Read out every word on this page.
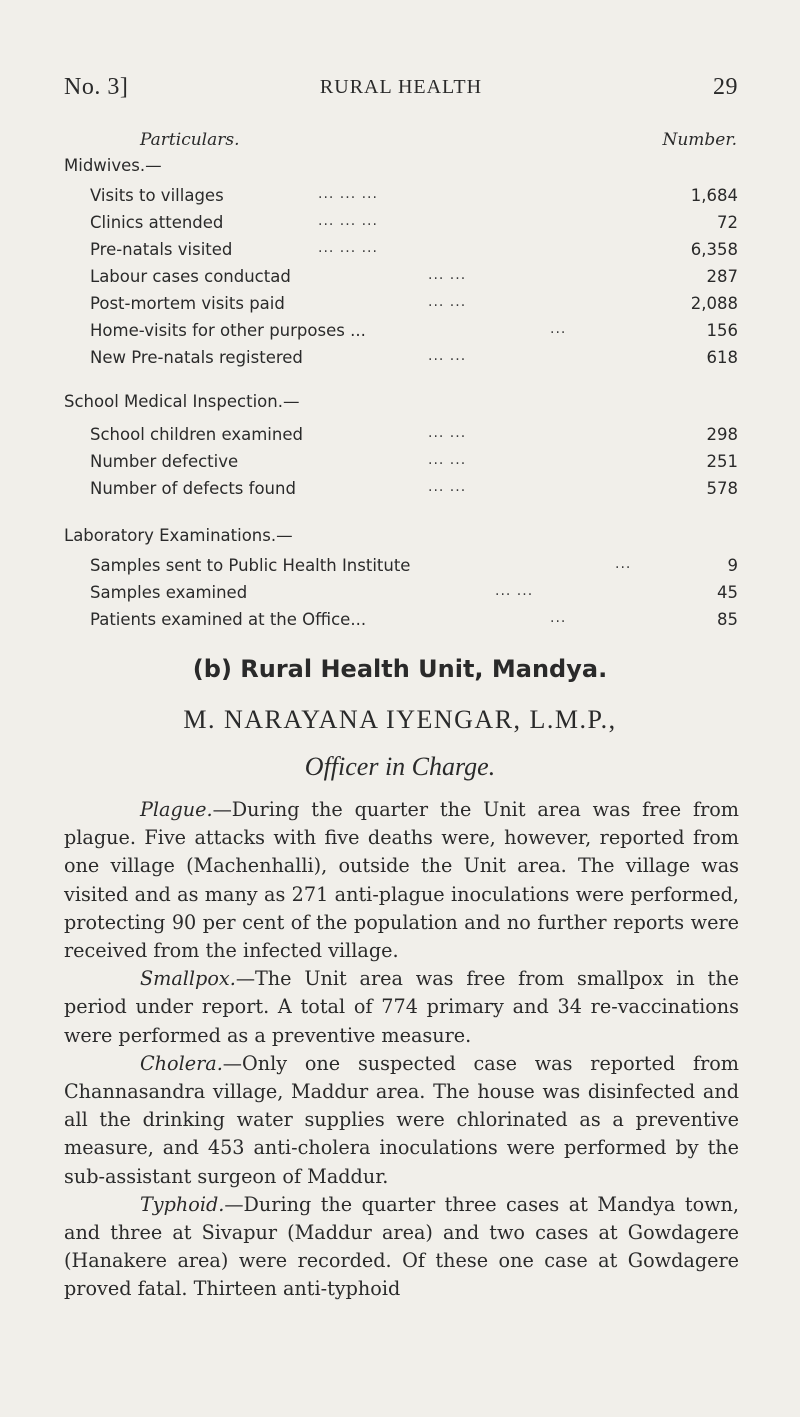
No. 3]	RURAL HEALTH	29
Particulars.	Number.
Midwives.—
Visits to villages	... ... ...	1,684
Clinics attended	... ... ...	72
Pre-natals visited	... ... ...	6,358
Labour cases conductad	... ...	287
Post-mortem visits paid	... ...	2,088
Home-visits for other purposes ...	...	156
New Pre-natals registered	... ...	618
School Medical Inspection.—
School children examined	... ...	298
Number defective	... ...	251
Number of defects found	... ...	578
Laboratory Examinations.—
Samples sent to Public Health Institute	...	9
Samples examined	... ...	45
Patients examined at the Office...	...	85
(b) Rural Health Unit, Mandya.
M. NARAYANA IYENGAR, L.M.P.,
Officer in Charge.

Plague.—During the quarter the Unit area was free from plague. Five attacks with five deaths were, however, reported from one village (Machenhalli), outside the Unit area. The village was visited and as many as 271 anti-plague inoculations were performed, protecting 90 per cent of the population and no further reports were received from the infected village.

Smallpox.—The Unit area was free from smallpox in the period under report. A total of 774 primary and 34 re-vaccinations were performed as a preventive measure.

Cholera.—Only one suspected case was reported from Channasandra village, Maddur area. The house was disinfected and all the drinking water supplies were chlorinated as a preventive measure, and 453 anti-cholera inoculations were performed by the sub-assistant surgeon of Maddur.

Typhoid.—During the quarter three cases at Mandya town, and three at Sivapur (Maddur area) and two cases at Gowdagere (Hanakere area) were recorded. Of these one case at Gowdagere proved fatal. Thirteen anti-typhoid
